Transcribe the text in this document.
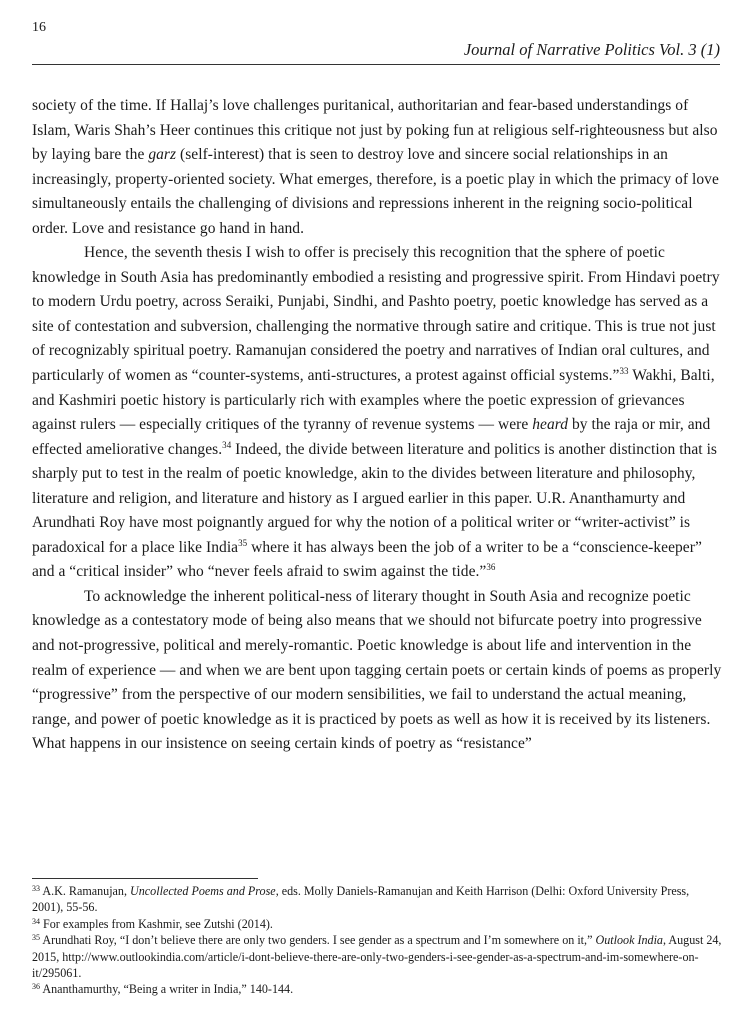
16
Journal of Narrative Politics Vol. 3 (1)

society of the time. If Hallaj’s love challenges puritanical, authoritarian and fear-based understandings of Islam, Waris Shah’s Heer continues this critique not just by poking fun at religious self-righteousness but also by laying bare the garz (self-interest) that is seen to destroy love and sincere social relationships in an increasingly, property-oriented society. What emerges, therefore, is a poetic play in which the primacy of love simultaneously entails the challenging of divisions and repressions inherent in the reigning socio-political order. Love and resistance go hand in hand.

Hence, the seventh thesis I wish to offer is precisely this recognition that the sphere of poetic knowledge in South Asia has predominantly embodied a resisting and progressive spirit. From Hindavi poetry to modern Urdu poetry, across Seraiki, Punjabi, Sindhi, and Pashto poetry, poetic knowledge has served as a site of contestation and subversion, challenging the normative through satire and critique. This is true not just of recognizably spiritual poetry. Ramanujan considered the poetry and narratives of Indian oral cultures, and particularly of women as “counter-systems, anti-structures, a protest against official systems.”$^{33}$ Wakhi, Balti, and Kashmiri poetic history is particularly rich with examples where the poetic expression of grievances against rulers — especially critiques of the tyranny of revenue systems — were heard by the raja or mir, and effected ameliorative changes.$^{34}$ Indeed, the divide between literature and politics is another distinction that is sharply put to test in the realm of poetic knowledge, akin to the divides between literature and philosophy, literature and religion, and literature and history as I argued earlier in this paper. U.R. Ananthamurty and Arundhati Roy have most poignantly argued for why the notion of a political writer or “writer-activist” is paradoxical for a place like India$^{35}$ where it has always been the job of a writer to be a “conscience-keeper” and a “critical insider” who “never feels afraid to swim against the tide.”$^{36}$

To acknowledge the inherent political-ness of literary thought in South Asia and recognize poetic knowledge as a contestatory mode of being also means that we should not bifurcate poetry into progressive and not-progressive, political and merely-romantic. Poetic knowledge is about life and intervention in the realm of experience — and when we are bent upon tagging certain poets or certain kinds of poems as properly “progressive” from the perspective of our modern sensibilities, we fail to understand the actual meaning, range, and power of poetic knowledge as it is practiced by poets as well as how it is received by its listeners. What happens in our insistence on seeing certain kinds of poetry as “resistance”

$^{33}$ A.K. Ramanujan, Uncollected Poems and Prose, eds. Molly Daniels-Ramanujan and Keith Harrison (Delhi: Oxford University Press, 2001), 55-56.

$^{34}$ For examples from Kashmir, see Zutshi (2014).

$^{35}$ Arundhati Roy, “I don’t believe there are only two genders. I see gender as a spectrum and I’m somewhere on it,” Outlook India, August 24, 2015, http://www.outlookindia.com/article/i-dont-believe-there-are-only-two-genders-i-see-gender-as-a-spectrum-and-im-somewhere-on-it/295061.

$^{36}$ Ananthamurthy, “Being a writer in India,” 140-144.
